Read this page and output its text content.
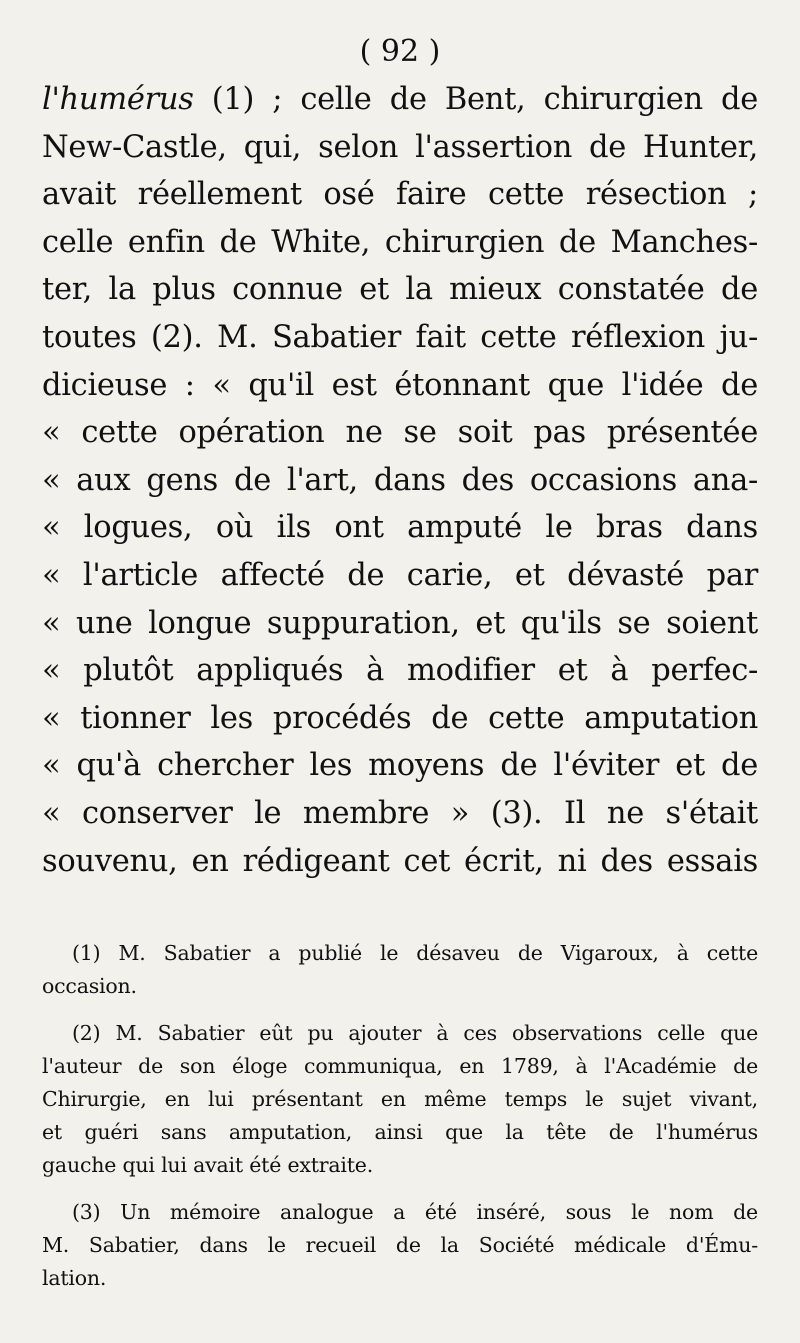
( 92 )
l'humérus (1) ; celle de Bent, chirurgien de
New-Castle, qui, selon l'assertion de Hunter,
avait réellement osé faire cette résection ;
celle enfin de White, chirurgien de Manches-
ter, la plus connue et la mieux constatée de
toutes (2). M. Sabatier fait cette réflexion ju-
dicieuse : « qu'il est étonnant que l'idée de
« cette opération ne se soit pas présentée
« aux gens de l'art, dans des occasions ana-
« logues, où ils ont amputé le bras dans
« l'article affecté de carie, et dévasté par
« une longue suppuration, et qu'ils se soient
« plutôt appliqués à modifier et à perfec-
« tionner les procédés de cette amputation
« qu'à chercher les moyens de l'éviter et de
« conserver le membre » (3). Il ne s'était
souvenu, en rédigeant cet écrit, ni des essais
(1) M. Sabatier a publié le désaveu de Vigaroux, à cette
occasion.
(2) M. Sabatier eût pu ajouter à ces observations celle que
l'auteur de son éloge communiqua, en 1789, à l'Académie de
Chirurgie, en lui présentant en même temps le sujet vivant,
et guéri sans amputation, ainsi que la tête de l'humérus
gauche qui lui avait été extraite.
(3) Un mémoire analogue a été inséré, sous le nom de
M. Sabatier, dans le recueil de la Société médicale d'Ému-
lation.
